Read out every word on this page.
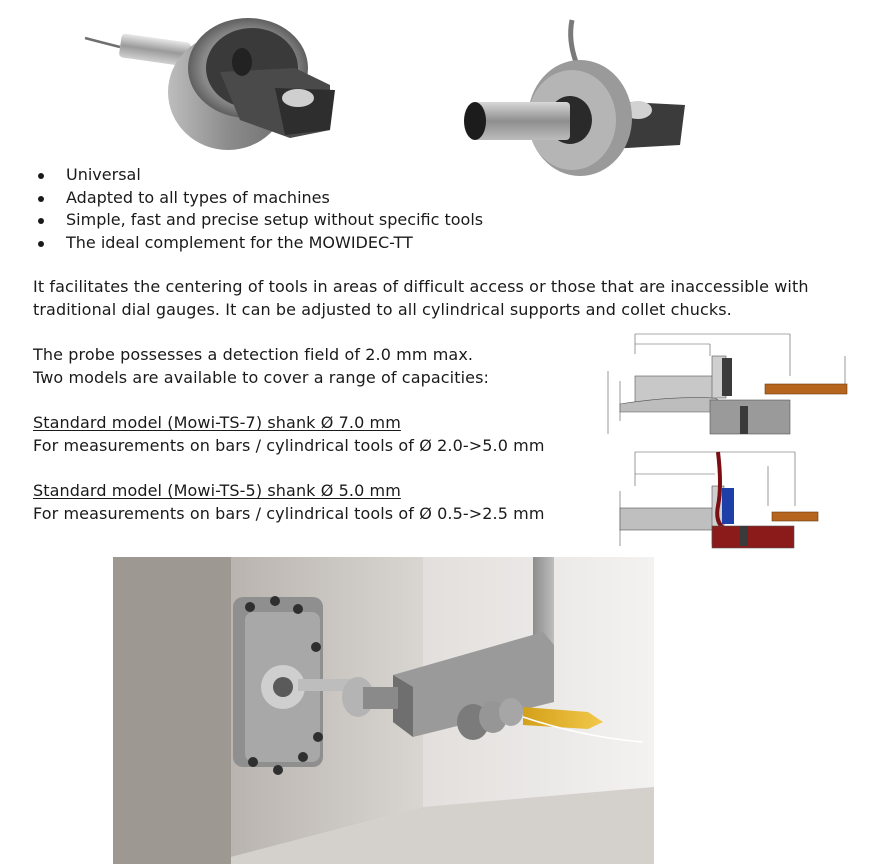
Universal
Adapted to all types of machines
Simple, fast and precise setup without specific tools
The ideal complement for the MOWIDEC-TT
It facilitates the centering of tools in areas of difficult access or those that are inaccessible with
traditional dial gauges. It can be adjusted to all cylindrical supports and collet chucks.
The probe possesses a detection field of 2.0 mm max.
Two models are available to cover a range of capacities:
Standard model (Mowi-TS-7) shank Ø 7.0 mm
For measurements on bars / cylindrical tools of Ø 2.0->5.0 mm
Standard model (Mowi-TS-5) shank Ø 5.0 mm
For measurements on bars / cylindrical tools of Ø 0.5->2.5 mm
